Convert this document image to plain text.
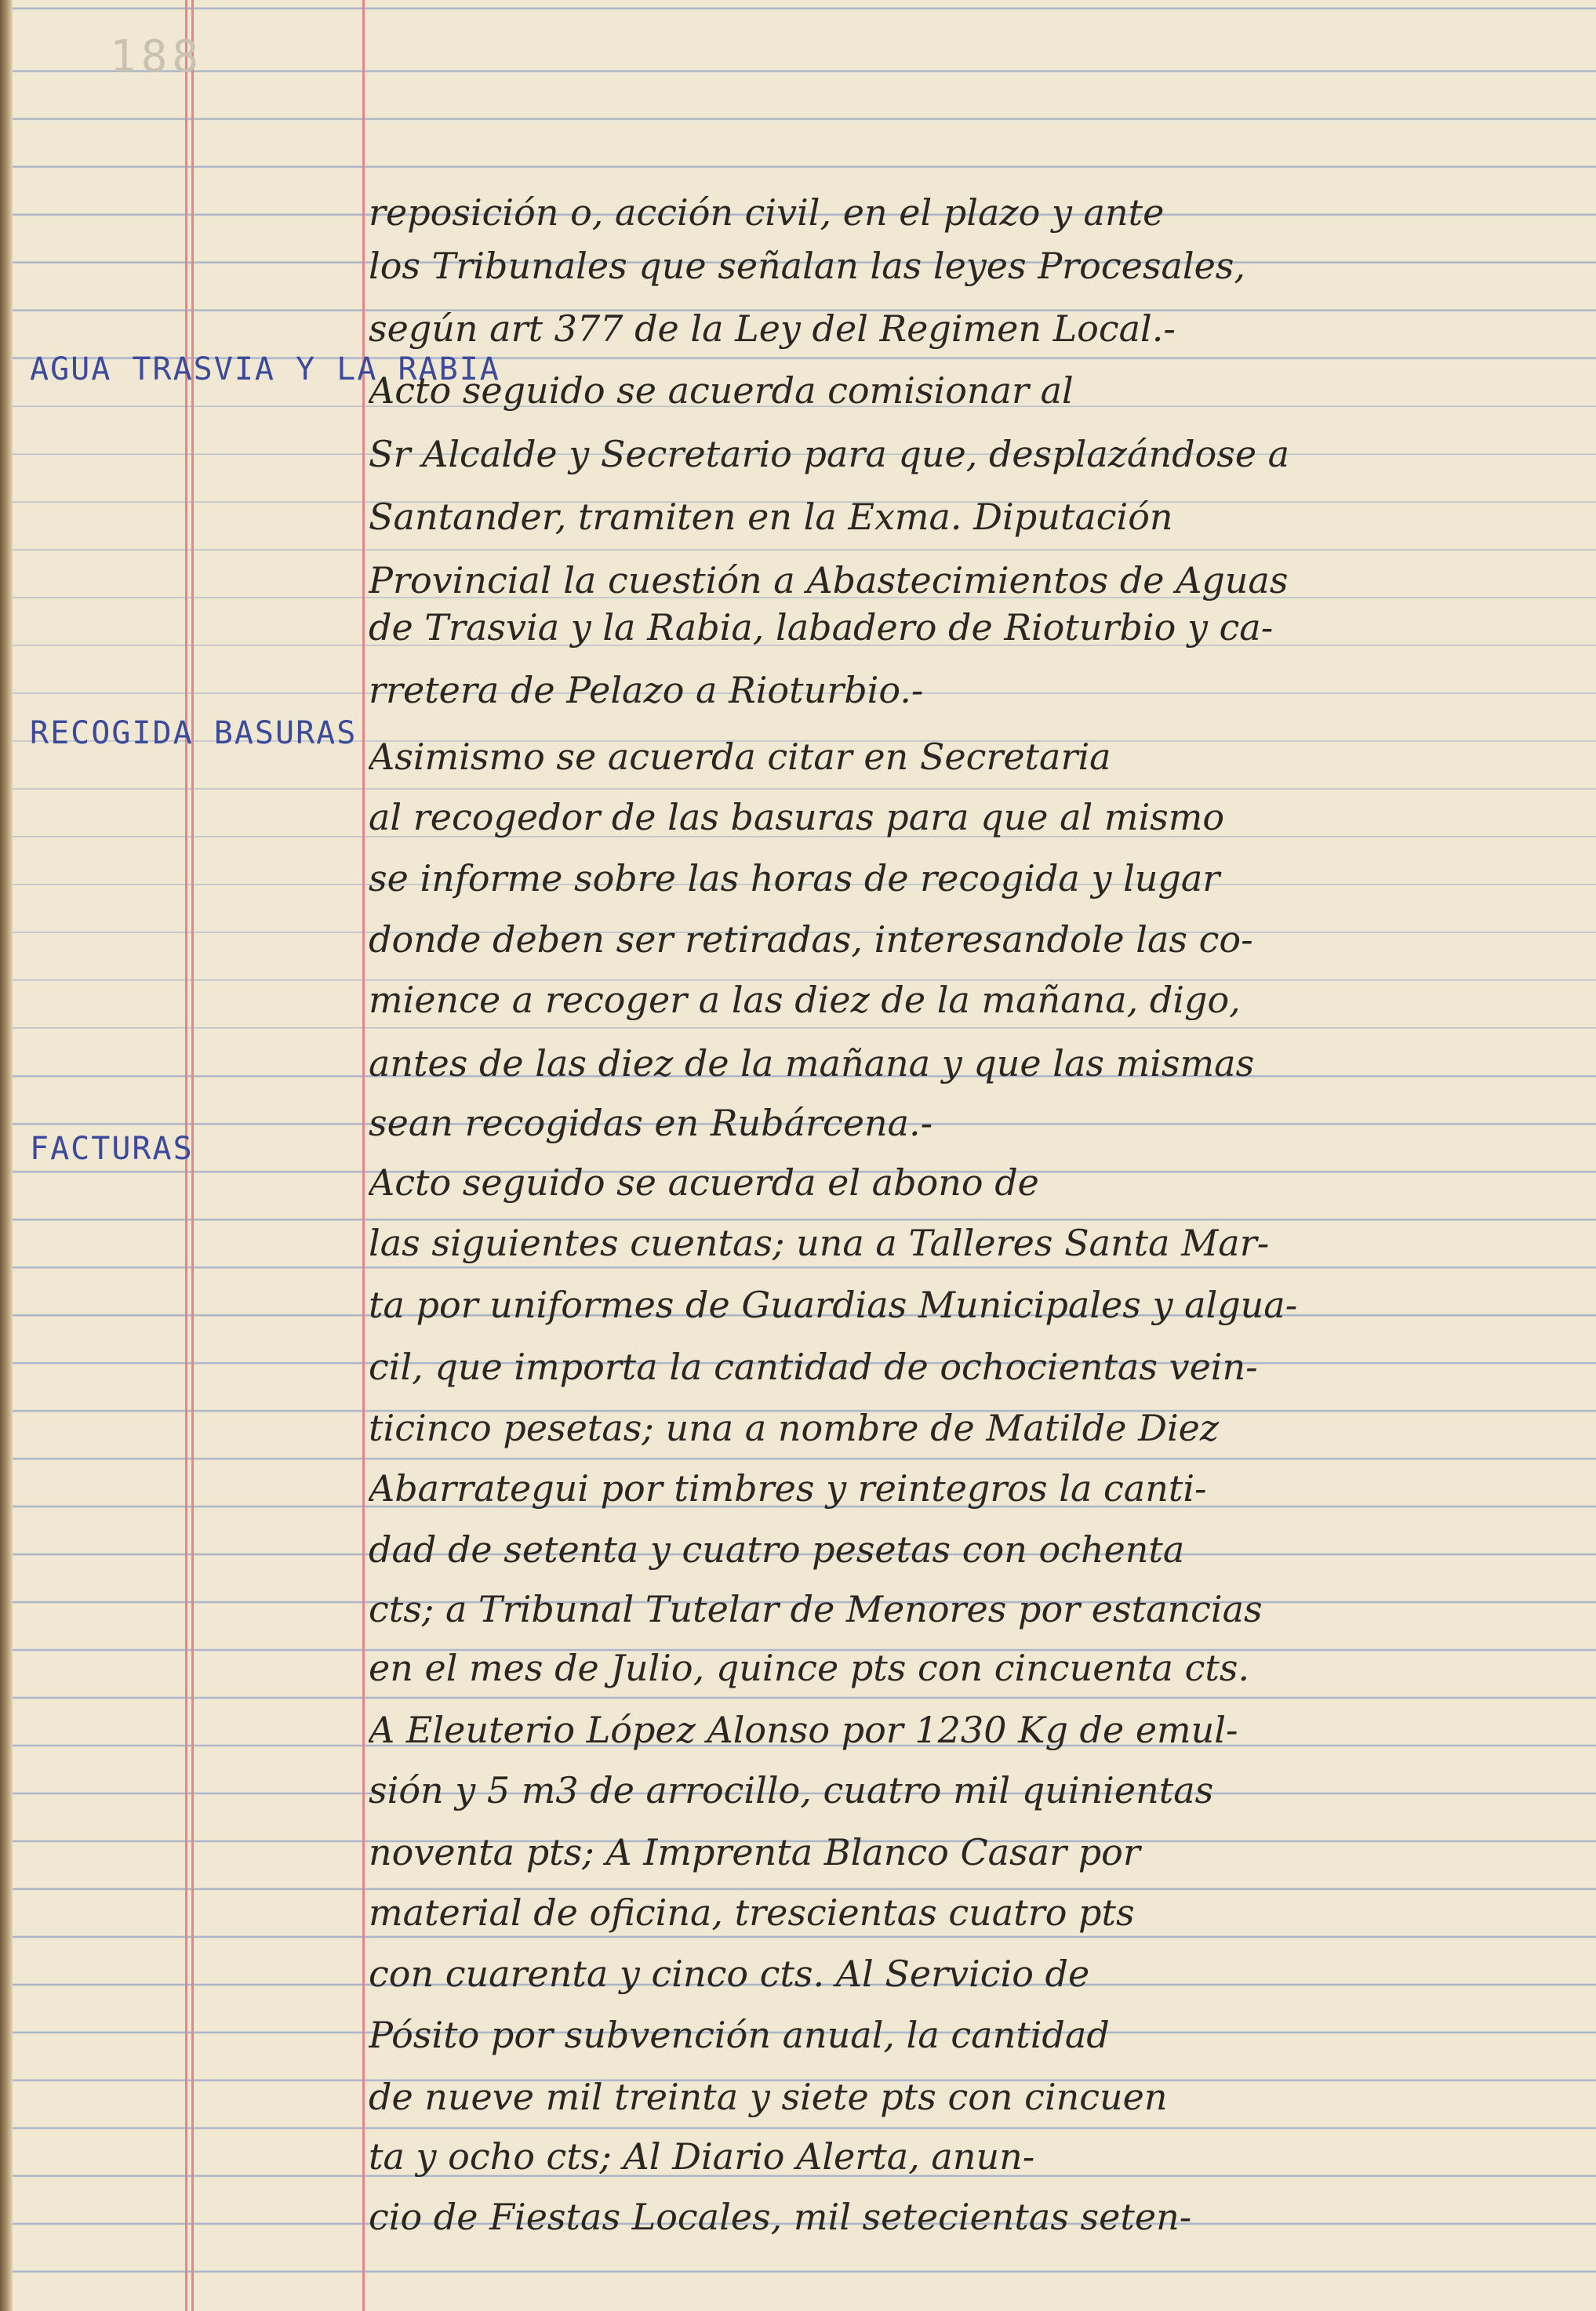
188
AGUA TRASVIA Y LA RABIA
RECOGIDA BASURAS
FACTURAS
reposición o, acción civil, en el plazo y ante
los Tribunales que señalan las leyes Procesales,
según art 377 de la Ley del Regimen Local.-
Acto seguido se acuerda comisionar al
Sr Alcalde y Secretario para que, desplazándose a
Santander, tramiten en la Exma. Diputación
Provincial la cuestión a Abastecimientos de Aguas
de Trasvia y la Rabia, labadero de Rioturbio y ca-
rretera de Pelazo a Rioturbio.-
Asimismo se acuerda citar en Secretaria
al recogedor de las basuras para que al mismo
se informe sobre las horas de recogida y lugar
donde deben ser retiradas, interesandole las co-
mience a recoger a las diez de la mañana, digo,
antes de las diez de la mañana y que las mismas
sean recogidas en Rubárcena.-
Acto seguido se acuerda el abono de
las siguientes cuentas; una a Talleres Santa Mar-
ta por uniformes de Guardias Municipales y algua-
cil, que importa la cantidad de ochocientas vein-
ticinco pesetas; una a nombre de Matilde Diez
Abarrategui por timbres y reintegros la canti-
dad de setenta y cuatro pesetas con ochenta
cts; a Tribunal Tutelar de Menores por estancias
en el mes de Julio, quince pts con cincuenta cts.
A Eleuterio López Alonso por 1230 Kg de emul-
sión y 5 m3 de arrocillo, cuatro mil quinientas
noventa pts; A Imprenta Blanco Casar por
material de oficina, trescientas cuatro pts
con cuarenta y cinco cts. Al Servicio de
Pósito por subvención anual, la cantidad
de nueve mil treinta y siete pts con cincuen
ta y ocho cts; Al Diario Alerta, anun-
cio de Fiestas Locales, mil setecientas seten-
